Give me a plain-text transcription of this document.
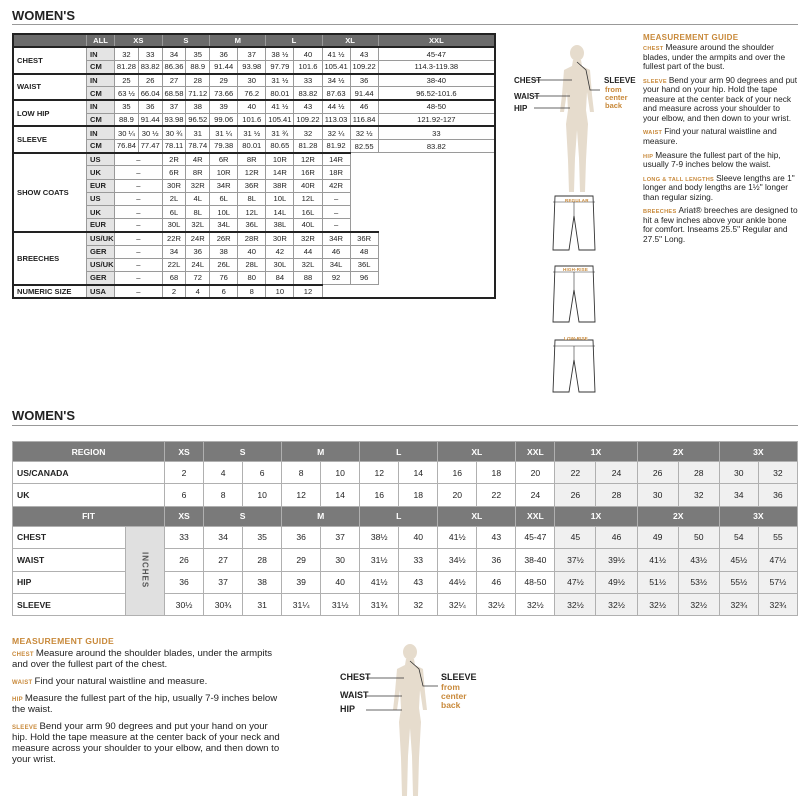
WOMEN'S
	ALL	XS		S		M		L		XL		XXL
CHEST	IN	32	33	34	35	36	37	38 ½	40	41 ½	43	45-47
	CM	81.28	83.82	86.36	88.9	91.44	93.98	97.79	101.6	105.41	109.22	114.3-119.38
WAIST	IN	25	26	27	28	29	30	31 ½	33	34 ½	36	38-40
	CM	63 ½	66.04	68.58	71.12	73.66	76.2	80.01	83.82	87.63	91.44	96.52-101.6
LOW HIP	IN	35	36	37	38	39	40	41 ½	43	44 ½	46	48-50
	CM	88.9	91.44	93.98	96.52	99.06	101.6	105.41	109.22	113.03	116.84	121.92-127
SLEEVE	IN	30 ¼	30 ½	30 ¾	31	31 ¼	31 ½	31 ¾	32	32 ¼	32 ½	33
	CM	76.84	77.47	78.11	78.74	79.38	80.01	80.65	81.28	81.92	82.55	83.82
SHOW COATS	US	–		2R	4R	6R	8R	10R	12R	14R		
	UK	–		6R	8R	10R	12R	14R	16R	18R		
	EUR	–		30R	32R	34R	36R	38R	40R	42R		
	US	–		2L	4L	6L	8L	10L	12L	–		
	UK	–		6L	8L	10L	12L	14L	16L	–		
	EUR	–		30L	32L	34L	36L	38L	40L	–		
BREECHES	US/UK	–		22R	24R	26R	28R	30R	32R	34R	36R	
	GER	–		34	36	38	40	42	44	46	48	
	US/UK	–		22L	24L	26L	28L	30L	32L	34L	36L	
	GER	–		68	72	76	80	84	88	92	96	
NUMERIC SIZE	USA	–		2	4	6	8	10	12			
CHEST
WAIST
HIP
SLEEVE
from
center
back
REGULAR
HIGH-RISE
LOW-RISE
MEASUREMENT GUIDE
CHEST Measure around the shoulder blades, under the armpits and over the fullest part of the bust.
SLEEVE Bend your arm 90 degrees and put your hand on your hip. Hold the tape measure at the center back of your neck and measure across your shoulder to your elbow, and then down to your wrist.
WAIST Find your natural waistline and measure.
HIP Measure the fullest part of the hip, usually 7-9 inches below the waist.
LONG & TALL LENGTHS Sleeve lengths are 1" longer and body lengths are 1½" longer than regular sizing.
BREECHES Ariat® breeches are designed to hit a few inches above your ankle bone for comfort. Inseams 25.5" Regular and 27.5" Long.
WOMEN'S
REGION		XS	S		M		L		XL		XXL	1X		2X		3X	
US/CANADA		2	4	6	8	10	12	14	16	18	20	22	24	26	28	30	32
UK		6	8	10	12	14	16	18	20	22	24	26	28	30	32	34	36
FIT		XS	S		M		L		XL		XXL	1X		2X		3X	
CHEST	INCHES	33	34	35	36	37	38½	40	41½	43	45-47	45	46	49	50	54	55
WAIST		26	27	28	29	30	31½	33	34½	36	38-40	37½	39½	41½	43½	45½	47½
HIP		36	37	38	39	40	41½	43	44½	46	48-50	47½	49½	51½	53½	55½	57½
SLEEVE		30½	30¾	31	31¼	31½	31¾	32	32¼	32½	32½	32½	32½	32½	32½	32¾	32¾
MEASUREMENT GUIDE
CHEST Measure around the shoulder blades, under the armpits and over the fullest part of the chest.
WAIST Find your natural waistline and measure.
HIP Measure the fullest part of the hip, usually 7-9 inches below the waist.
SLEEVE Bend your arm 90 degrees and put your hand on your hip. Hold the tape measure at the center back of your neck and measure across your shoulder to your elbow, and then down to your wrist.
CHEST
WAIST
HIP
SLEEVE
from
center
back
